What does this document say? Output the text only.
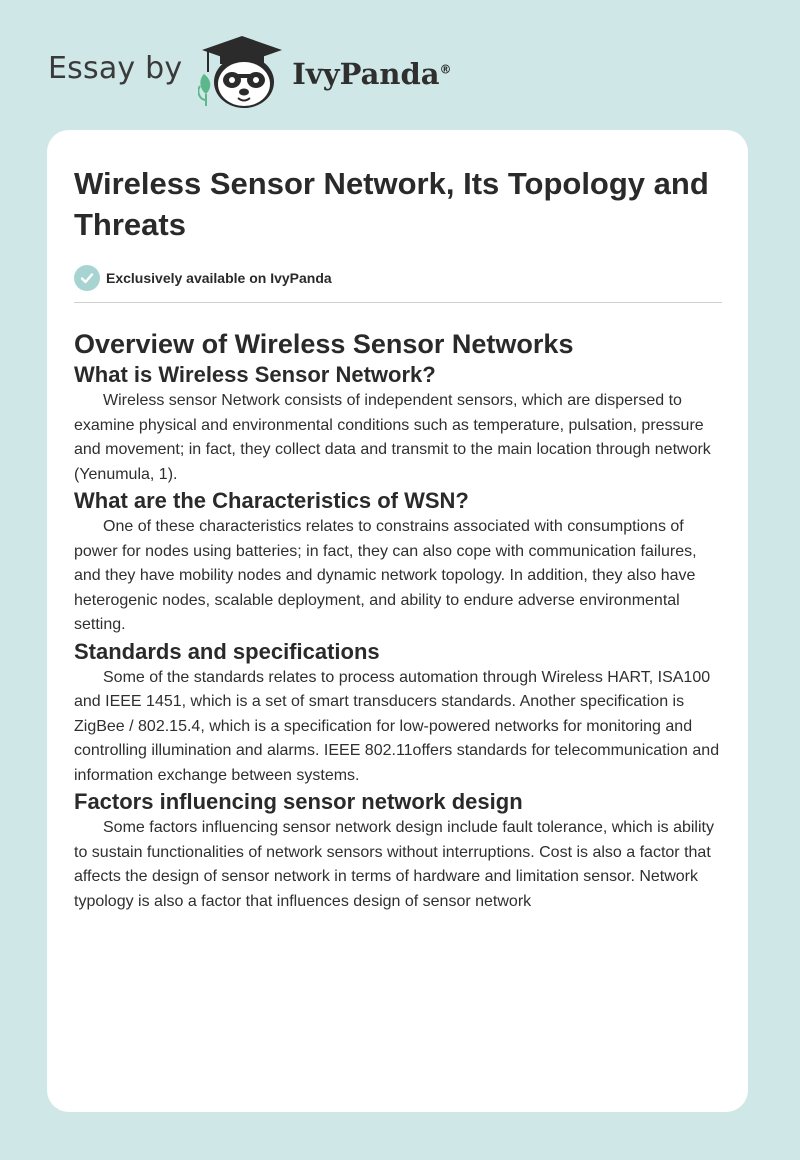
Essay by	IvyPanda®
Wireless Sensor Network, Its Topology and Threats
Exclusively available on IvyPanda
Overview of Wireless Sensor Networks
What is Wireless Sensor Network?

Wireless sensor Network consists of independent sensors, which are dispersed to examine physical and environmental conditions such as temperature, pulsation, pressure and movement; in fact, they collect data and transmit to the main location through network (Yenumula, 1).

What are the Characteristics of WSN?

One of these characteristics relates to constrains associated with consumptions of power for nodes using batteries; in fact, they can also cope with communication failures, and they have mobility nodes and dynamic network topology. In addition, they also have heterogenic nodes, scalable deployment, and ability to endure adverse environmental setting.

Standards and specifications

Some of the standards relates to process automation through Wireless HART, ISA100 and IEEE 1451, which is a set of smart transducers standards. Another specification is ZigBee / 802.15.4, which is a specification for low-powered networks for monitoring and controlling illumination and alarms. IEEE 802.11offers standards for telecommunication and information exchange between systems.

Factors influencing sensor network design

Some factors influencing sensor network design include fault tolerance, which is ability to sustain functionalities of network sensors without interruptions. Cost is also a factor that affects the design of sensor network in terms of hardware and limitation sensor. Network typology is also a factor that influences design of sensor network
